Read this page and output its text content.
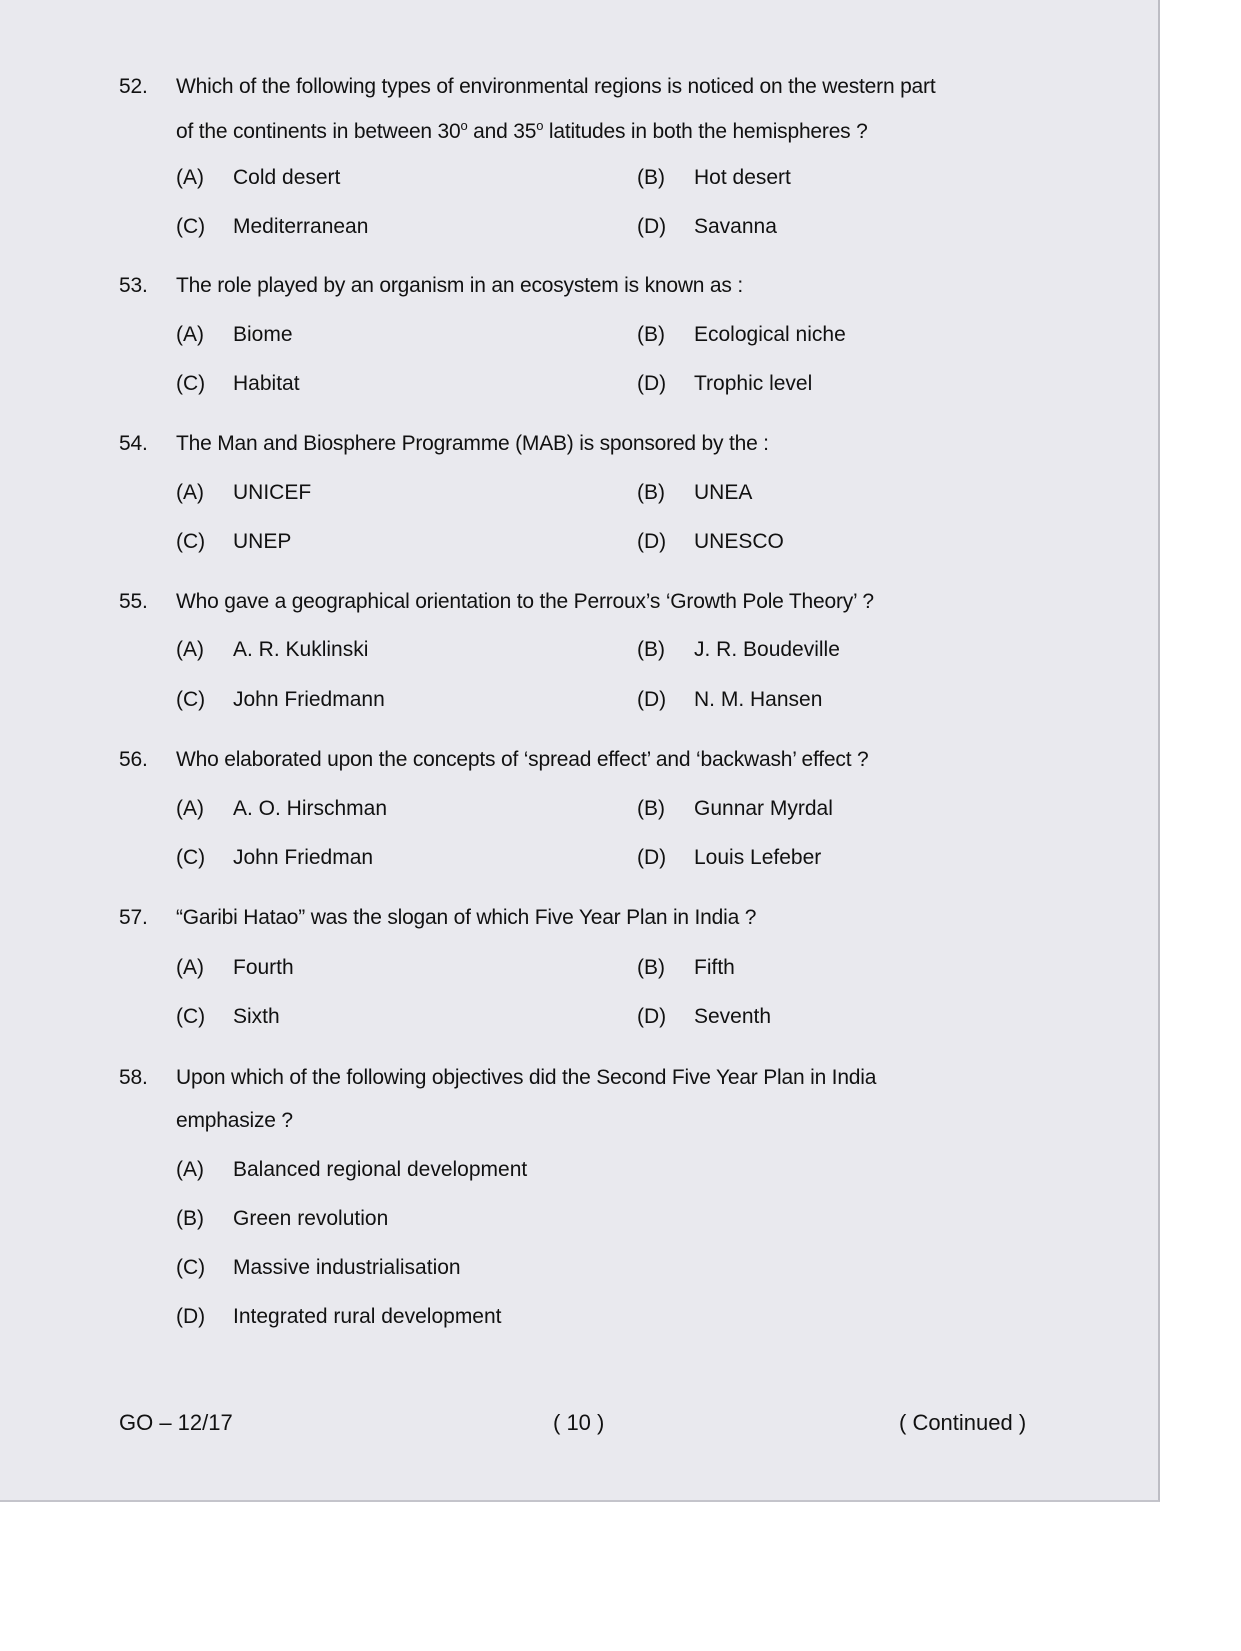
52. Which of the following types of environmental regions is noticed on the western part
of the continents in between 30$^o$ and 35$^o$ latitudes in both the hemispheres ?
(A) Cold desert	(B) Hot desert
(C) Mediterranean	(D) Savanna
53. The role played by an organism in an ecosystem is known as :
(A) Biome	(B) Ecological niche
(C) Habitat	(D) Trophic level
54. The Man and Biosphere Programme (MAB) is sponsored by the :
(A) UNICEF	(B) UNEA
(C) UNEP	(D) UNESCO
55. Who gave a geographical orientation to the Perroux’s ‘Growth Pole Theory’ ?
(A) A. R. Kuklinski	(B) J. R. Boudeville
(C) John Friedmann	(D) N. M. Hansen
56. Who elaborated upon the concepts of ‘spread effect’ and ‘backwash’ effect ?
(A) A. O. Hirschman	(B) Gunnar Myrdal
(C) John Friedman	(D) Louis Lefeber
57. “Garibi Hatao” was the slogan of which Five Year Plan in India ?
(A) Fourth	(B) Fifth
(C) Sixth	(D) Seventh
58. Upon which of the following objectives did the Second Five Year Plan in India
emphasize ?
(A) Balanced regional development
(B) Green revolution
(C) Massive industrialisation
(D) Integrated rural development
GO – 12/17	( 10 )	( Continued )
